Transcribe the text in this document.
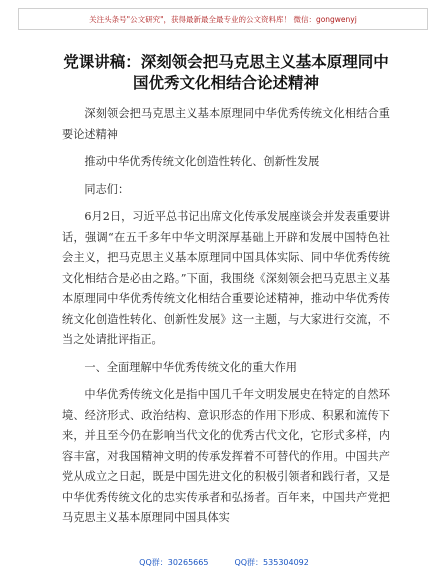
关注头条号"公文研究"，获得最新最全最专业的公文资料库！ 微信：gongwenyj
党课讲稿：深刻领会把马克思主义基本原理同中国优秀文化相结合论述精神

深刻领会把马克思主义基本原理同中华优秀传统文化相结合重要论述精神

推动中华优秀传统文化创造性转化、创新性发展

同志们：

6月2日，习近平总书记出席文化传承发展座谈会并发表重要讲话，强调“在五千多年中华文明深厚基础上开辟和发展中国特色社会主义，把马克思主义基本原理同中国具体实际、同中华优秀传统文化相结合是必由之路。”下面，我围绕《深刻领会把马克思主义基本原理同中华优秀传统文化相结合重要论述精神，推动中华优秀传统文化创造性转化、创新性发展》这一主题，与大家进行交流，不当之处请批评指正。

一、全面理解中华优秀传统文化的重大作用

中华优秀传统文化是指中国几千年文明发展史在特定的自然环境、经济形式、政治结构、意识形态的作用下形成、积累和流传下来，并且至今仍在影响当代文化的优秀古代文化，它形式多样，内容丰富，对我国精神文明的传承发挥着不可替代的作用。中国共产党从成立之日起，既是中国先进文化的积极引领者和践行者，又是中华优秀传统文化的忠实传承者和弘扬者。百年来，中国共产党把马克思主义基本原理同中国具体实

QQ群：30265665	QQ群：535304092
